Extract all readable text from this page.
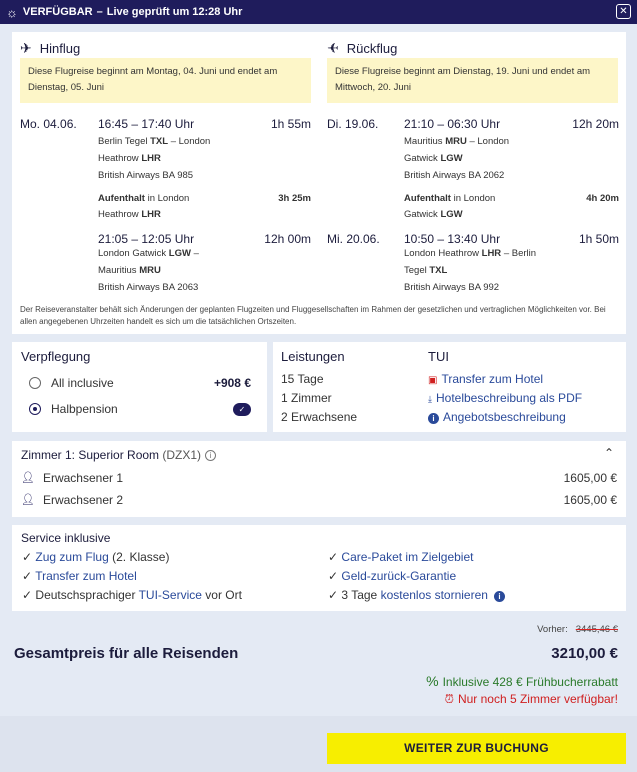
☼ VERFÜGBAR – Live geprüft um 12:28 Uhr	✕
✈ Hinflug
Diese Flugreise beginnt am Montag, 04. Juni und endet am Dienstag, 05. Juni
Mo. 04.06. 16:45 – 17:40 Uhr	1h 55m
Berlin Tegel TXL – London
Heathrow LHR
British Airways BA 985
Aufenthalt in London	3h 25m
Heathrow LHR
21:05 – 12:05 Uhr	12h 00m
London Gatwick LGW –
Mauritius MRU
British Airways BA 2063
✈ Rückflug
Diese Flugreise beginnt am Dienstag, 19. Juni und endet am Mittwoch, 20. Juni
Di. 19.06. 21:10 – 06:30 Uhr	12h 20m
Mauritius MRU – London
Gatwick LGW
British Airways BA 2062
Aufenthalt in London	4h 20m
Gatwick LGW
Mi. 20.06. 10:50 – 13:40 Uhr	1h 50m
London Heathrow LHR – Berlin
Tegel TXL
British Airways BA 992
Der Reiseveranstalter behält sich Änderungen der geplanten Flugzeiten und Fluggesellschaften im Rahmen der gesetzlichen und vertraglichen Möglichkeiten vor. Bei allen angegebenen Uhrzeiten handelt es sich um die tatsächlichen Ortszeiten.
Verpflegung
All inclusive	+908 €
Halbpension	✓
Leistungen
15 Tage
1 Zimmer
2 Erwachsene
TUI
▣ Transfer zum Hotel
⤓ Hotelbeschreibung als PDF
i Angebotsbeschreibung
Zimmer 1: Superior Room (DZX1) i	⌃
👤︎ Erwachsener 1	1605,00 €
👤︎ Erwachsener 2	1605,00 €
Service inklusive
✓ Zug zum Flug (2. Klasse)
✓ Transfer zum Hotel
✓ Deutschsprachiger TUI-Service vor Ort
✓ Care-Paket im Zielgebiet
✓ Geld-zurück-Garantie
✓ 3 Tage kostenlos stornieren i
Vorher: 3445,46 €
Gesamtpreis für alle Reisenden	3210,00 €
% Inklusive 428 € Frühbucherrabatt
⏰︎ Nur noch 5 Zimmer verfügbar!
WEITER ZUR BUCHUNG
